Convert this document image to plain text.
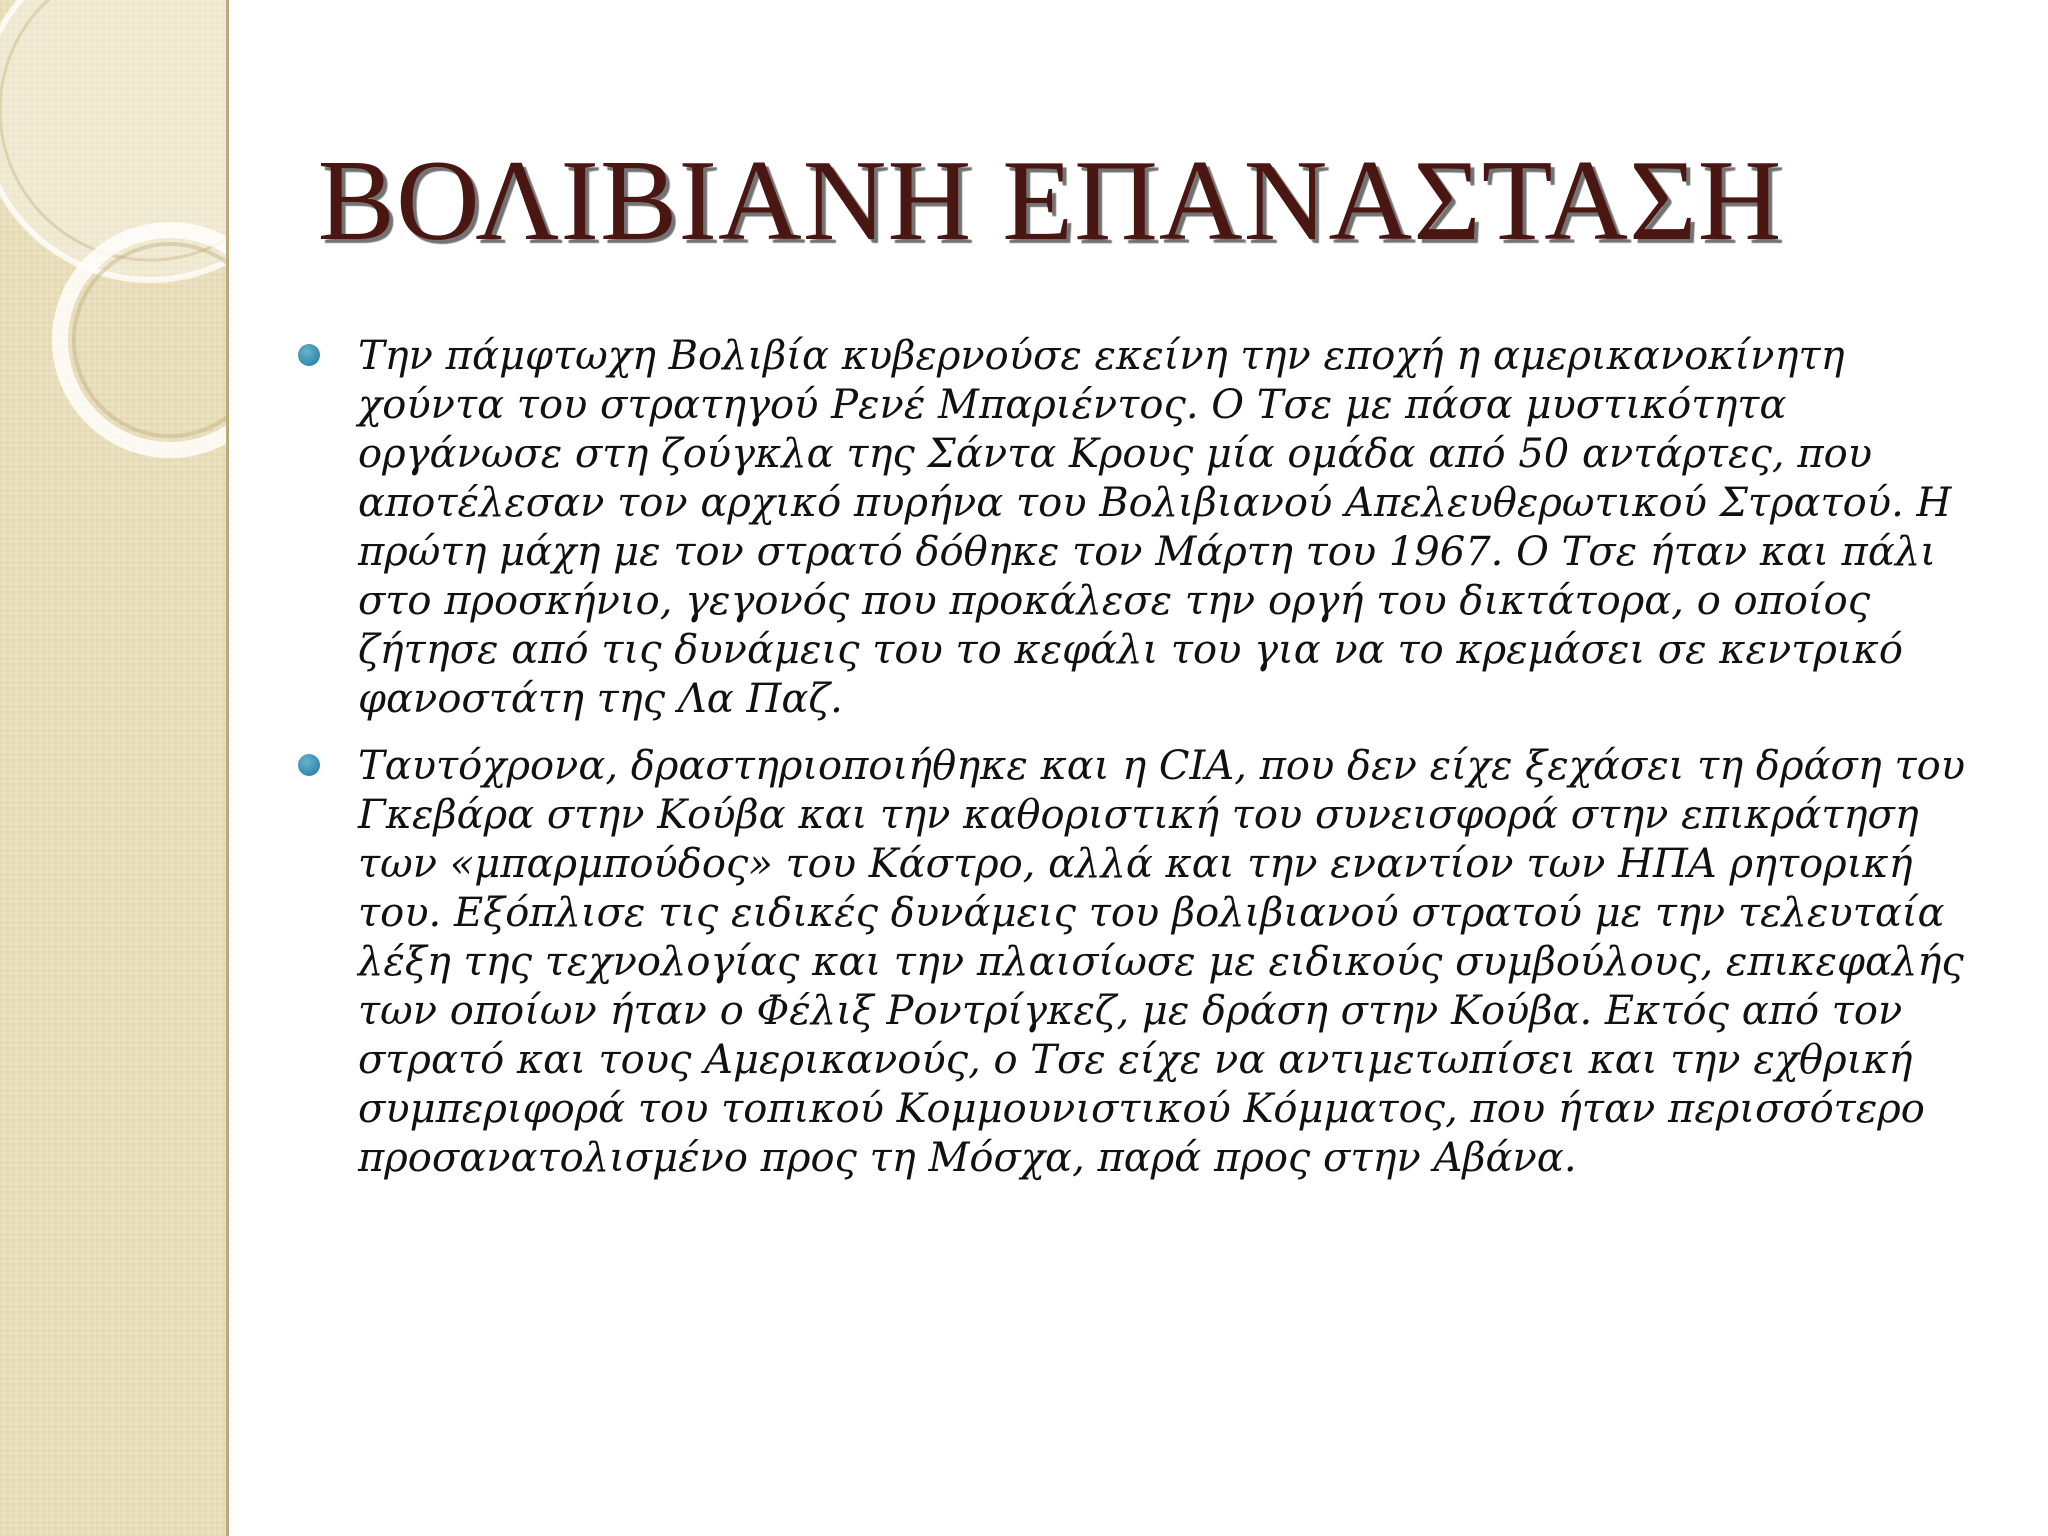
ΒΟΛΙΒΙΑΝΗ ΕΠΑΝΑΣΤΑΣΗ
Την πάμφτωχη Βολιβία κυβερνούσε εκείνη την εποχή η αμερικανοκίνητη χούντα του στρατηγού Ρενέ Μπαριέντος. Ο Τσε με πάσα μυστικότητα οργάνωσε στη ζούγκλα της Σάντα Κρους μία ομάδα από 50 αντάρτες, που αποτέλεσαν τον αρχικό πυρήνα του Βολιβιανού Απελευθερωτικού Στρατού. Η πρώτη μάχη με τον στρατό δόθηκε τον Μάρτη του 1967. Ο Τσε ήταν και πάλι στο προσκήνιο, γεγονός που προκάλεσε την οργή του δικτάτορα, ο οποίος ζήτησε από τις δυνάμεις του το κεφάλι του για να το κρεμάσει σε κεντρικό φανοστάτη της Λα Παζ.
Ταυτόχρονα, δραστηριοποιήθηκε και η CIA, που δεν είχε ξεχάσει τη δράση του Γκεβάρα στην Κούβα και την καθοριστική του συνεισφορά στην επικράτηση των «μπαρμπούδος» του Κάστρο, αλλά και την εναντίον των ΗΠΑ ρητορική του. Εξόπλισε τις ειδικές δυνάμεις του βολιβιανού στρατού με την τελευταία λέξη της τεχνολογίας και την πλαισίωσε με ειδικούς συμβούλους, επικεφαλής των οποίων ήταν ο Φέλιξ Ροντρίγκεζ, με δράση στην Κούβα. Εκτός από τον στρατό και τους Αμερικανούς, ο Τσε είχε να αντιμετωπίσει και την εχθρική συμπεριφορά του τοπικού Κομμουνιστικού Κόμματος, που ήταν περισσότερο προσανατολισμένο προς τη Μόσχα, παρά προς στην Αβάνα.
